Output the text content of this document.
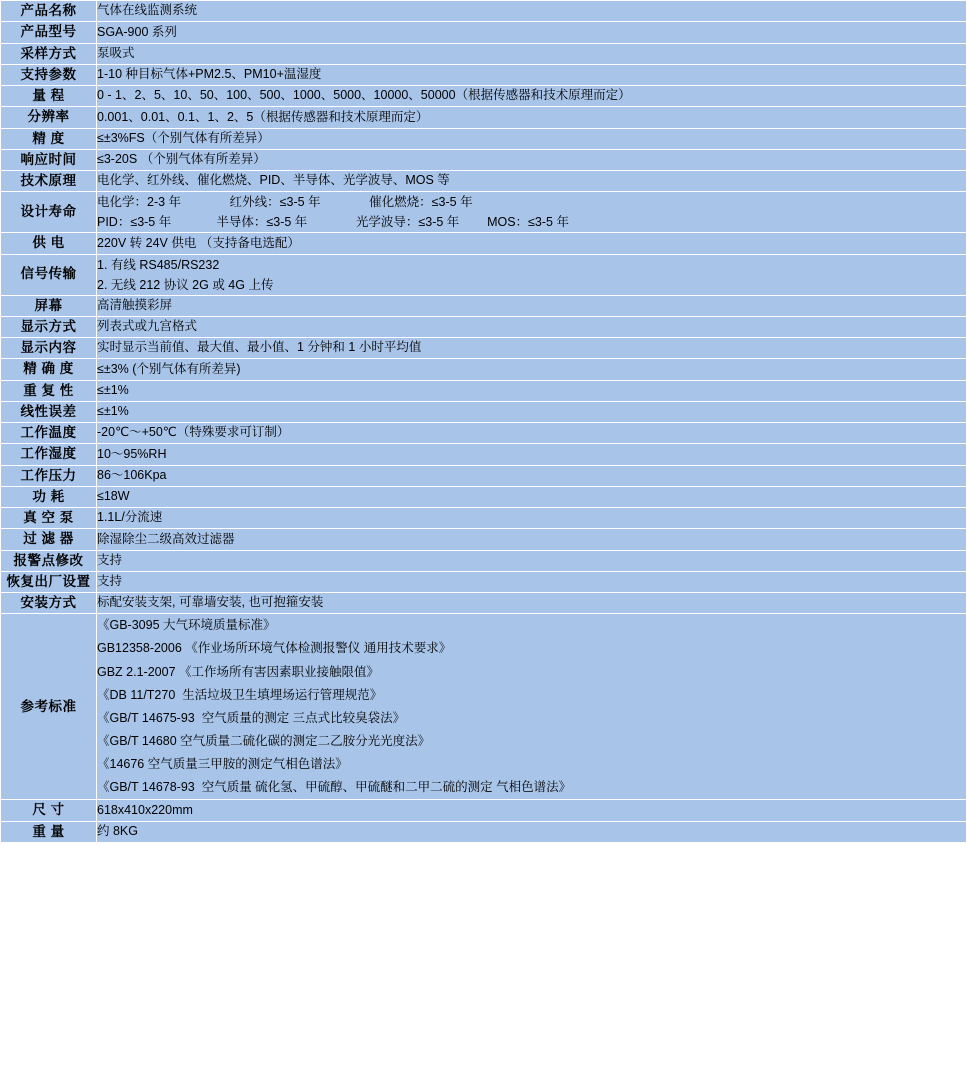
产品名称	气体在线监测系统
产品型号	SGA-900 系列
采样方式	泵吸式
支持参数	1-10 种目标气体+PM2.5、PM10+温湿度
量 程	0 - 1、2、5、10、50、100、500、1000、5000、10000、50000（根据传感器和技术原理而定）
分辨率	0.001、0.01、0.1、1、2、5（根据传感器和技术原理而定）
精 度	≤±3%FS（个别气体有所差异）
响应时间	≤3-20S （个别气体有所差异）
技术原理	电化学、红外线、催化燃烧、PID、半导体、光学波导、MOS 等
设计寿命	电化学：2-3 年              红外线：≤3-5 年              催化燃烧：≤3-5 年
PID：≤3-5 年             半导体：≤3-5 年              光学波导：≤3-5 年        MOS：≤3-5 年

供 电	220V 转 24V 供电 （支持备电选配）
信号传输	1. 有线 RS485/RS232
2. 无线 212 协议 2G 或 4G 上传

屏幕	高清触摸彩屏
显示方式	列表式或九宫格式
显示内容	实时显示当前值、最大值、最小值、1 分钟和 1 小时平均值
精 确 度	≤±3% (个别气体有所差异)
重 复 性	≤±1%
线性误差	≤±1%
工作温度	-20℃～+50℃（特殊要求可订制）
工作湿度	10～95%RH
工作压力	86～106Kpa
功 耗	≤18W
真 空 泵	1.1L/分流速
过 滤 器	除湿除尘二级高效过滤器
报警点修改	支持
恢复出厂设置	支持
安装方式	标配安装支架, 可靠墙安装, 也可抱箍安装
参考标准	
《GB-3095 大气环境质量标准》
GB12358-2006 《作业场所环境气体检测报警仪 通用技术要求》
GBZ 2.1-2007 《工作场所有害因素职业接触限值》
《DB 11/T270  生活垃圾卫生填埋场运行管理规范》
《GB/T 14675-93  空气质量的测定 三点式比较臭袋法》
《GB/T 14680 空气质量二硫化碳的测定二乙胺分光光度法》
《14676 空气质量三甲胺的测定气相色谱法》
《GB/T 14678-93  空气质量 硫化氢、甲硫醇、甲硫醚和二甲二硫的测定 气相色谱法》

尺 寸	618x410x220mm
重 量	约 8KG
